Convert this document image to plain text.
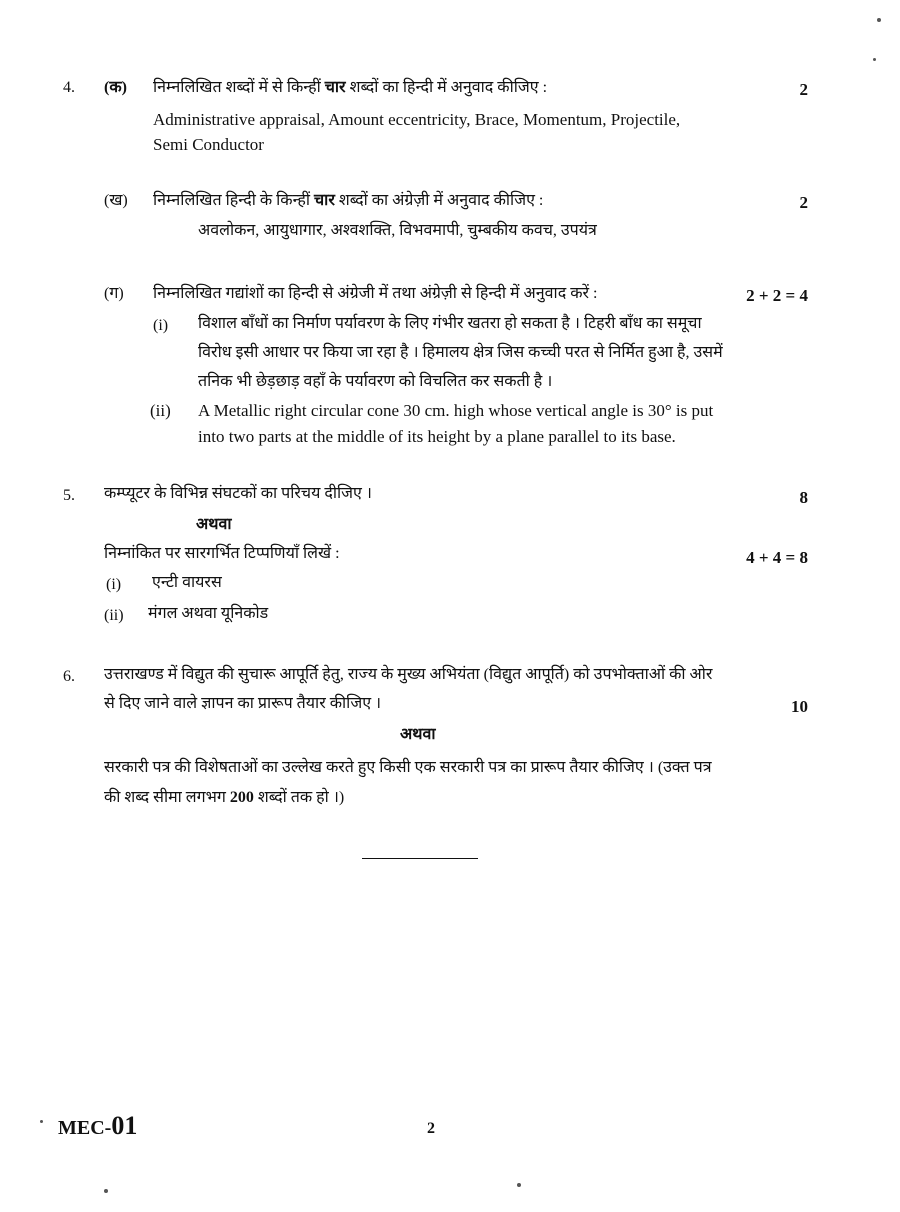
4. (क) निम्नलिखित शब्दों में से किन्हीं चार शब्दों का हिन्दी में अनुवाद कीजिए :	2
Administrative appraisal, Amount eccentricity, Brace, Momentum, Projectile,
Semi Conductor
(ख) निम्नलिखित हिन्दी के किन्हीं चार शब्दों का अंग्रेज़ी में अनुवाद कीजिए :	2
अवलोकन, आयुधागार, अश्वशक्ति, विभवमापी, चुम्बकीय कवच, उपयंत्र
(ग) निम्नलिखित गद्यांशों का हिन्दी से अंग्रेजी में तथा अंग्रेज़ी से हिन्दी में अनुवाद करें :	2 + 2 = 4
(i) विशाल बाँधों का निर्माण पर्यावरण के लिए गंभीर खतरा हो सकता है । टिहरी बाँध का समूचा
विरोध इसी आधार पर किया जा रहा है । हिमालय क्षेत्र जिस कच्ची परत से निर्मित हुआ है, उसमें
तनिक भी छेड़छाड़ वहाँ के पर्यावरण को विचलित कर सकती है ।
(ii) A Metallic right circular cone 30 cm. high whose vertical angle is 30° is put
into two parts at the middle of its height by a plane parallel to its base.
5. कम्प्यूटर के विभिन्न संघटकों का परिचय दीजिए ।	8
अथवा
निम्नांकित पर सारगर्भित टिप्पणियाँ लिखें :	4 + 4 = 8
(i) एन्टी वायरस
(ii) मंगल अथवा यूनिकोड
6. उत्तराखण्ड में विद्युत की सुचारू आपूर्ति हेतु, राज्य के मुख्य अभियंता (विद्युत आपूर्ति) को उपभोक्ताओं की ओर
से दिए जाने वाले ज्ञापन का प्रारूप तैयार कीजिए ।	10
अथवा
सरकारी पत्र की विशेषताओं का उल्लेख करते हुए किसी एक सरकारी पत्र का प्रारूप तैयार कीजिए । (उक्त पत्र
की शब्द सीमा लगभग 200 शब्दों तक हो ।)
MEC-01	2
